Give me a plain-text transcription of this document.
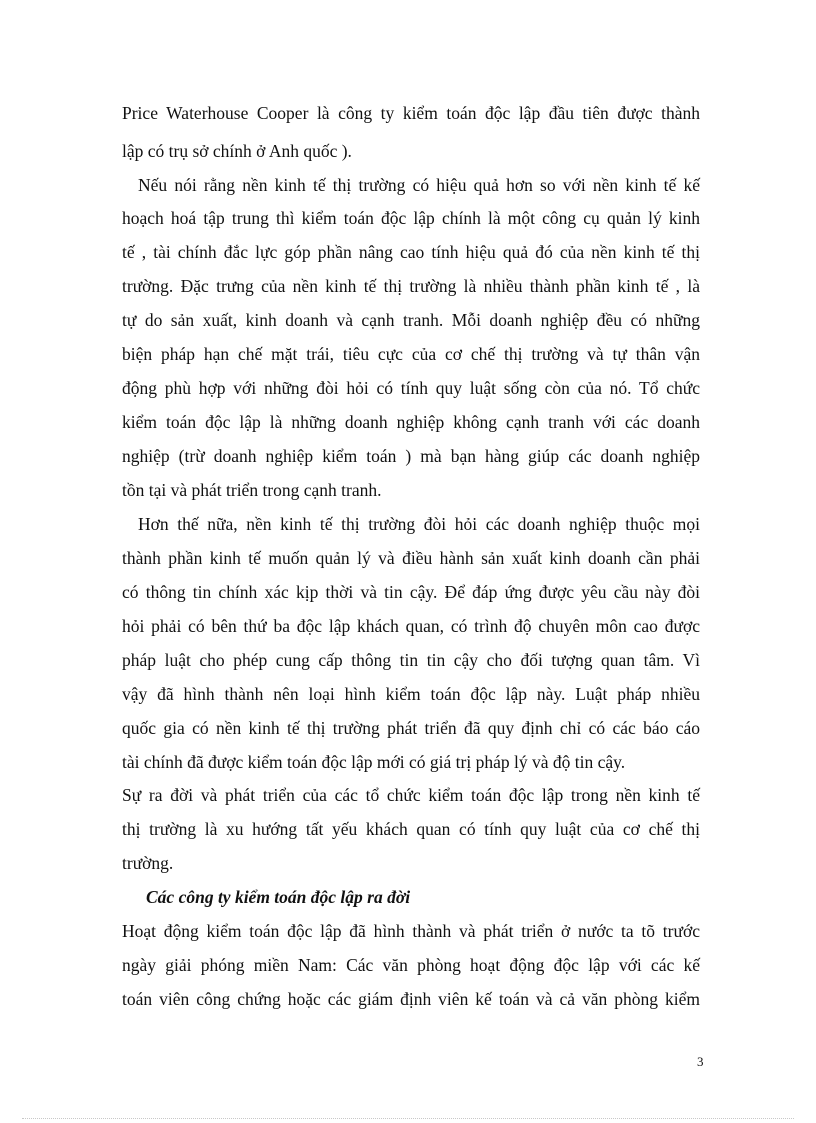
Price Waterhouse Cooper là công ty kiểm toán độc lập đầu tiên được thành
lập có trụ sở chính ở Anh quốc ).
Nếu nói rằng nền kinh tế thị trường có hiệu quả hơn so với nền kinh tế kế
hoạch hoá tập trung thì kiểm toán độc lập chính là một công cụ quản lý kinh
tế , tài chính đắc lực góp phần nâng cao tính hiệu quả đó của nền kinh tế thị
trường. Đặc trưng của nền kinh tế thị trường là nhiều thành phần kinh tế , là
tự do sản xuất, kinh doanh và cạnh tranh. Mỗi doanh nghiệp đều có những
biện pháp hạn chế mặt trái, tiêu cực của cơ chế thị trường và tự thân vận
động phù hợp với những đòi hỏi có tính quy luật sống còn của nó. Tổ chức
kiểm toán độc lập là những doanh nghiệp không cạnh tranh với các doanh
nghiệp (trừ doanh nghiệp kiểm toán ) mà bạn hàng giúp các doanh nghiệp
tồn tại và phát triển trong cạnh tranh.
Hơn thế nữa, nền kinh tế thị trường đòi hỏi các doanh nghiệp thuộc mọi
thành phần kinh tế muốn quản lý và điều hành sản xuất kinh doanh cần phải
có thông tin chính xác kịp thời và tin cậy. Để đáp ứng được yêu cầu này đòi
hỏi phải có bên thứ ba độc lập khách quan, có trình độ chuyên môn cao được
pháp luật cho phép cung cấp thông tin tin cậy cho đối tượng quan tâm. Vì
vậy đã hình thành nên loại hình kiểm toán độc lập này. Luật pháp nhiều
quốc gia có nền kinh tế thị trường phát triển đã quy định chỉ có các báo cáo
tài chính đã được kiểm toán độc lập mới có giá trị pháp lý và độ tin cậy.
Sự ra đời và phát triển của các tổ chức kiểm toán độc lập trong nền kinh tế
thị trường là xu hướng tất yếu khách quan có tính quy luật của cơ chế thị
trường.
Các công ty kiểm toán độc lập ra đời
Hoạt động kiểm toán độc lập đã hình thành và phát triển ở nước ta tõ trước
ngày giải phóng miền Nam: Các văn phòng hoạt động độc lập với các kế
toán viên công chứng hoặc các giám định viên kế toán và cả văn phòng kiểm
3
